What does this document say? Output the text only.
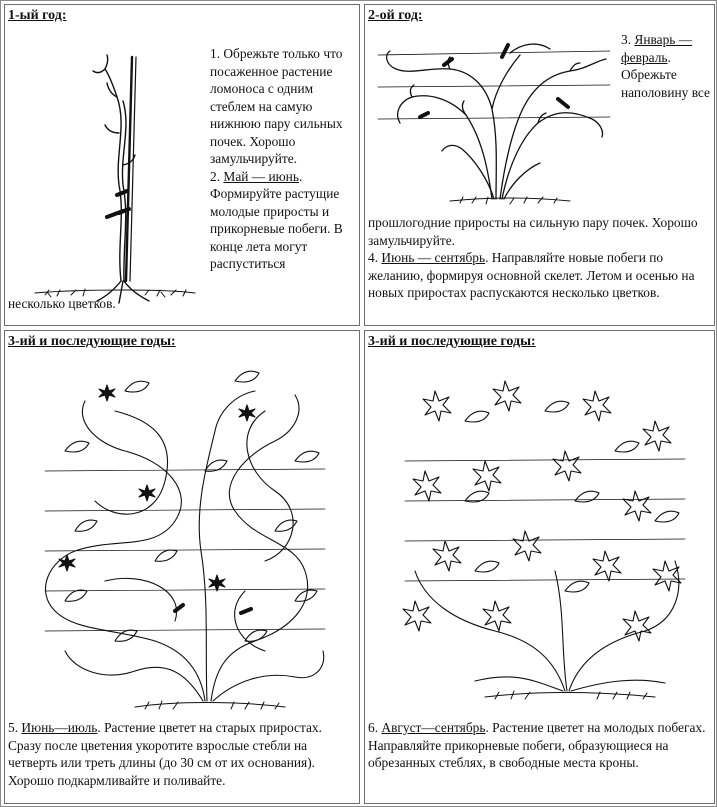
1-ый год:
1. Обрежьте только что посаженное растение ломоноса с одним стеблем на самую нижнюю пару сильных почек. Хорошо замульчируйте.
2. Май — июнь. Формируйте растущие молодые приросты и прикорневые побеги. В конце лета могут распуститься
несколько цветков.
2-ой год:
3. Январь — февраль. Обрежьте наполовину все
прошлогодние приросты на сильную пару почек. Хорошо замульчируйте.
4. Июнь — сентябрь. Направляйте новые побеги по желанию, формируя основной скелет. Летом и осенью на новых приростах распускаются несколько цветков.
3-ий и последующие годы:
5. Июнь—июль. Растение цветет на старых приростах. Сразу после цветения укоротите взрослые стебли на четверть или треть длины (до 30 см от их основания). Хорошо подкармливайте и поливайте.
3-ий и последующие годы:
6. Август—сентябрь. Растение цветет на молодых побегах. Направляйте прикорневые побеги, образующиеся на обрезанных стеблях, в свободные места кроны.
